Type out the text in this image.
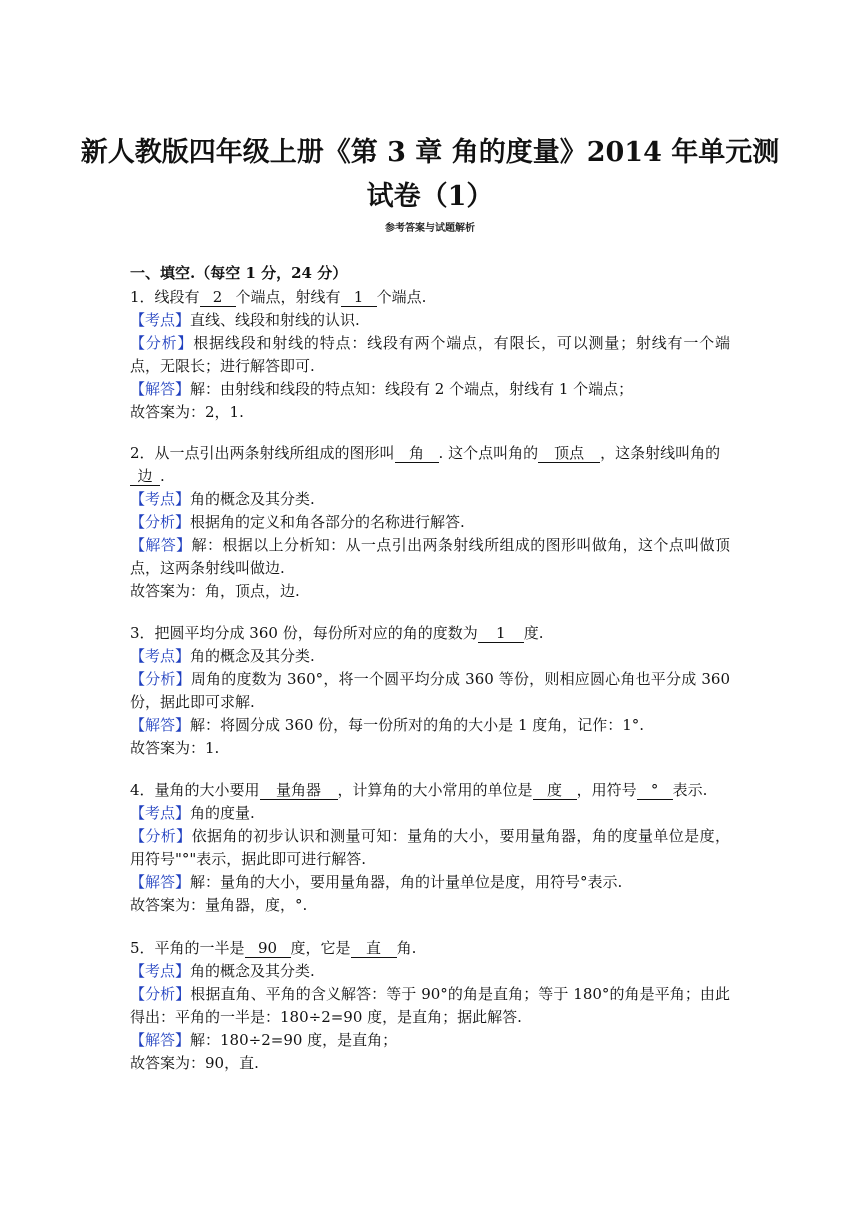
新人教版四年级上册《第 3 章 角的度量》2014 年单元测
试卷（1）
参考答案与试题解析
一、填空.（每空 1 分，24 分）
1．线段有 2 个端点，射线有 1 个端点.
【考点】直线、线段和射线的认识.
【分析】根据线段和射线的特点：线段有两个端点，有限长，可以测量；射线有一个端点，无限长；进行解答即可.
【解答】解：由射线和线段的特点知：线段有 2 个端点，射线有 1 个端点；
故答案为：2，1.
2．从一点引出两条射线所组成的图形叫 角 . 这个点叫角的 顶点 ，这条射线叫角的
边 .
【考点】角的概念及其分类.
【分析】根据角的定义和角各部分的名称进行解答.
【解答】解：根据以上分析知：从一点引出两条射线所组成的图形叫做角，这个点叫做顶点，这两条射线叫做边.
故答案为：角，顶点，边.
3．把圆平均分成 360 份，每份所对应的角的度数为 1 度.
【考点】角的概念及其分类.
【分析】周角的度数为 360°，将一个圆平均分成 360 等份，则相应圆心角也平分成 360 份，据此即可求解.
【解答】解：将圆分成 360 份，每一份所对的角的大小是 1 度角，记作：1°.
故答案为：1.
4．量角的大小要用 量角器 ，计算角的大小常用的单位是 度 ，用符号 ° 表示.
【考点】角的度量.
【分析】依据角的初步认识和测量可知：量角的大小，要用量角器，角的度量单位是度，用符号"°"表示，据此即可进行解答.
【解答】解：量角的大小，要用量角器，角的计量单位是度，用符号°表示.
故答案为：量角器，度，°.
5．平角的一半是 90 度，它是 直 角.
【考点】角的概念及其分类.
【分析】根据直角、平角的含义解答：等于 90°的角是直角；等于 180°的角是平角；由此得出：平角的一半是：180÷2=90 度，是直角；据此解答.
【解答】解：180÷2=90 度，是直角；
故答案为：90，直.
